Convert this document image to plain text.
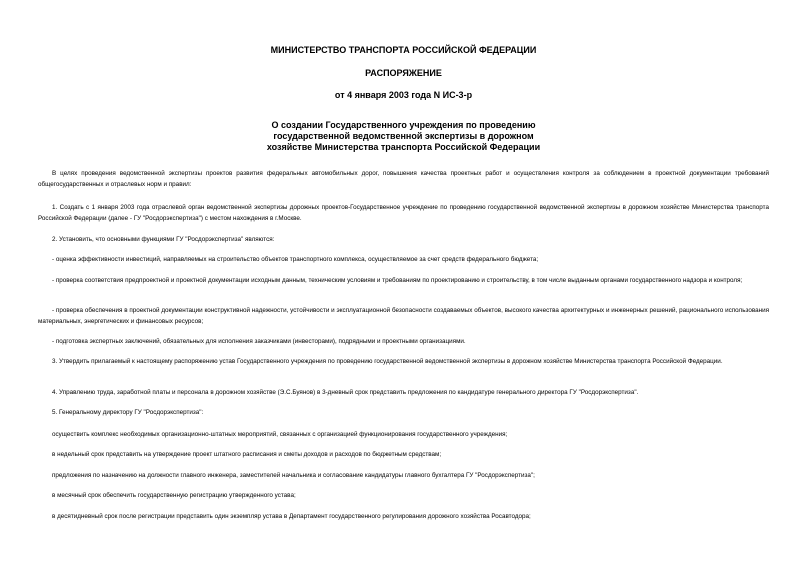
МИНИСТЕРСТВО ТРАНСПОРТА РОССИЙСКОЙ ФЕДЕРАЦИИ
РАСПОРЯЖЕНИЕ
от 4 января 2003 года N ИС-3-р
О создании Государственного учреждения по проведению
государственной ведомственной экспертизы в дорожном
хозяйстве Министерства транспорта Российской Федерации
В целях проведения ведомственной экспертизы проектов развития федеральных автомобильных дорог, повышения качества проектных работ и осуществления контроля за соблюдением в проектной документации требований общегосударственных и отраслевых норм и правил:
1. Создать с 1 января 2003 года отраслевой орган ведомственной экспертизы дорожных проектов-Государственное учреждение по проведению государственной ведомственной экспертизы в дорожном хозяйстве Министерства транспорта Российской Федерации (далее - ГУ "Росдорэкспертиза") с местом нахождения в г.Москве.
2. Установить, что основными функциями ГУ "Росдорэкспертиза" являются:
- оценка эффективности инвестиций, направляемых на строительство объектов транспортного комплекса, осуществляемое за счет средств федерального бюджета;
- проверка соответствия предпроектной и проектной документации исходным данным, техническим условиям и требованиям по проектированию и строительству, в том числе выданным органами государственного надзора и контроля;
- проверка обеспечения в проектной документации конструктивной надежности, устойчивости и эксплуатационной безопасности создаваемых объектов, высокого качества архитектурных и инженерных решений, рационального использования материальных, энергетических и финансовых ресурсов;
- подготовка экспертных заключений, обязательных для исполнения заказчиками (инвесторами), подрядными и проектными организациями.
3. Утвердить прилагаемый к настоящему распоряжению устав Государственного учреждения по проведению государственной ведомственной экспертизы в дорожном хозяйстве Министерства транспорта Российской Федерации.
4. Управлению труда, заработной платы и персонала в дорожном хозяйстве (Э.С.Буянов) в 3-дневный срок представить предложения по кандидатуре генерального директора ГУ "Росдорэкспертиза".
5. Генеральному директору ГУ "Росдорэкспертиза":
осуществить комплекс необходимых организационно-штатных мероприятий, связанных с организацией функционирования государственного учреждения;
в недельный срок представить на утверждение проект штатного расписания и сметы доходов и расходов по бюджетным средствам;
предложения по назначению на должности главного инженера, заместителей начальника и согласование кандидатуры главного бухгалтера ГУ "Росдорэкспертиза";
в месячный срок обеспечить государственную регистрацию утвержденного устава;
в десятидневный срок после регистрации представить один экземпляр устава в Департамент государственного регулирования дорожного хозяйства Росавтодора;
